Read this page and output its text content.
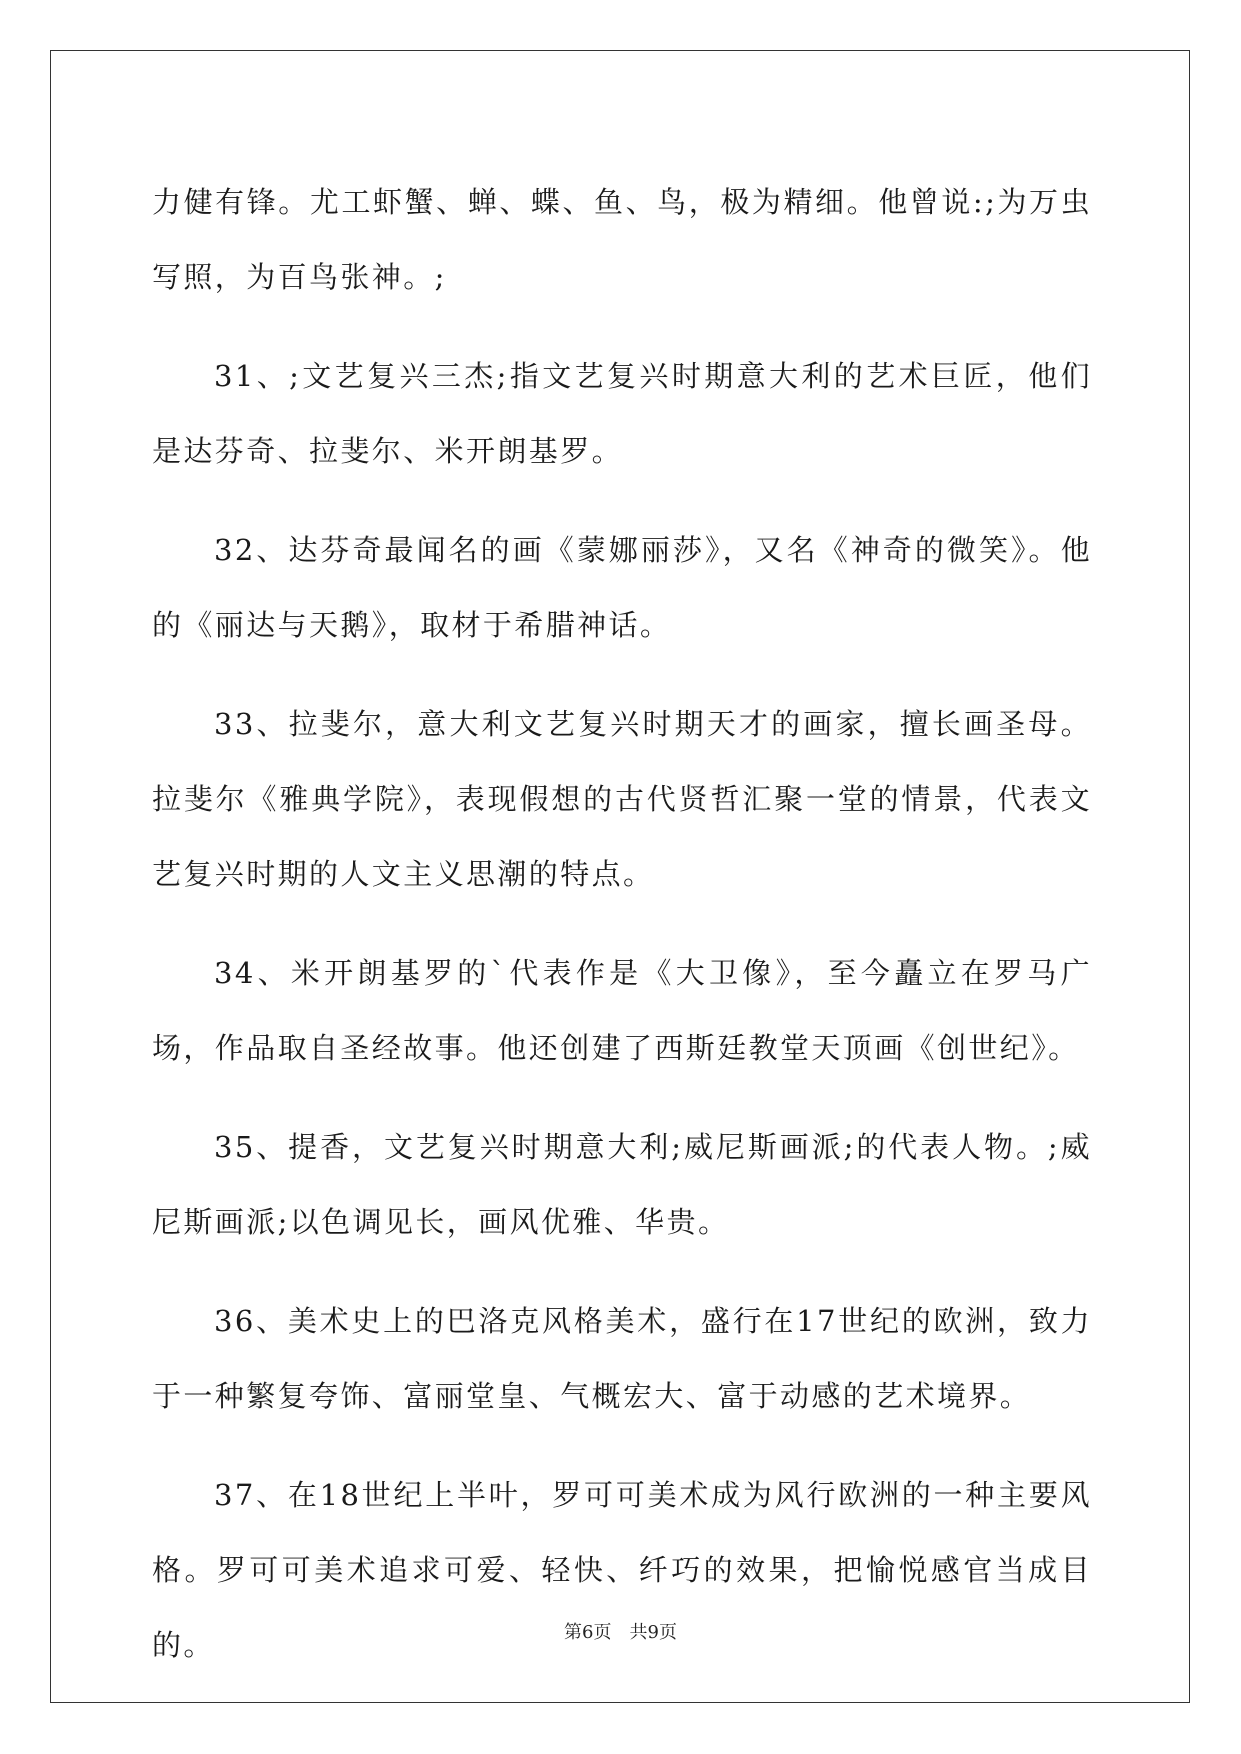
力健有锋。尤工虾蟹、蝉、蝶、鱼、鸟，极为精细。他曾说:;为万虫写照，为百鸟张神。;

31、;文艺复兴三杰;指文艺复兴时期意大利的艺术巨匠，他们是达芬奇、拉斐尔、米开朗基罗。

32、达芬奇最闻名的画《蒙娜丽莎》，又名《神奇的微笑》。他的《丽达与天鹅》，取材于希腊神话。

33、拉斐尔，意大利文艺复兴时期天才的画家，擅长画圣母。拉斐尔《雅典学院》，表现假想的古代贤哲汇聚一堂的情景，代表文艺复兴时期的人文主义思潮的特点。

34、米开朗基罗的`代表作是《大卫像》，至今矗立在罗马广场，作品取自圣经故事。他还创建了西斯廷教堂天顶画《创世纪》。

35、提香，文艺复兴时期意大利;威尼斯画派;的代表人物。;威尼斯画派;以色调见长，画风优雅、华贵。

36、美术史上的巴洛克风格美术，盛行在17世纪的欧洲，致力于一种繁复夸饰、富丽堂皇、气概宏大、富于动感的艺术境界。

37、在18世纪上半叶，罗可可美术成为风行欧洲的一种主要风格。罗可可美术追求可爱、轻快、纤巧的效果，把愉悦感官当成目的。	第6页 共9页
